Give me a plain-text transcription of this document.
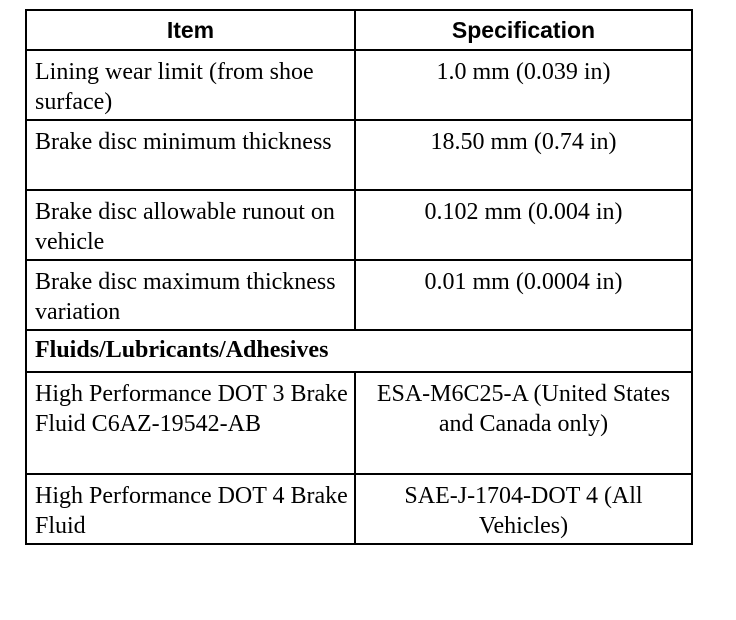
Item	Specification
Lining wear limit (from shoe surface)	1.0 mm (0.039 in)
Brake disc minimum thickness	18.50 mm (0.74 in)
Brake disc allowable runout on vehicle	0.102 mm (0.004 in)
Brake disc maximum thickness variation	0.01 mm (0.0004 in)
Fluids/Lubricants/Adhesives	
High Performance DOT 3 Brake Fluid C6AZ-19542-AB	ESA-M6C25-A (United States and Canada only)
High Performance DOT 4 Brake Fluid	SAE-J-1704-DOT 4 (All Vehicles)
